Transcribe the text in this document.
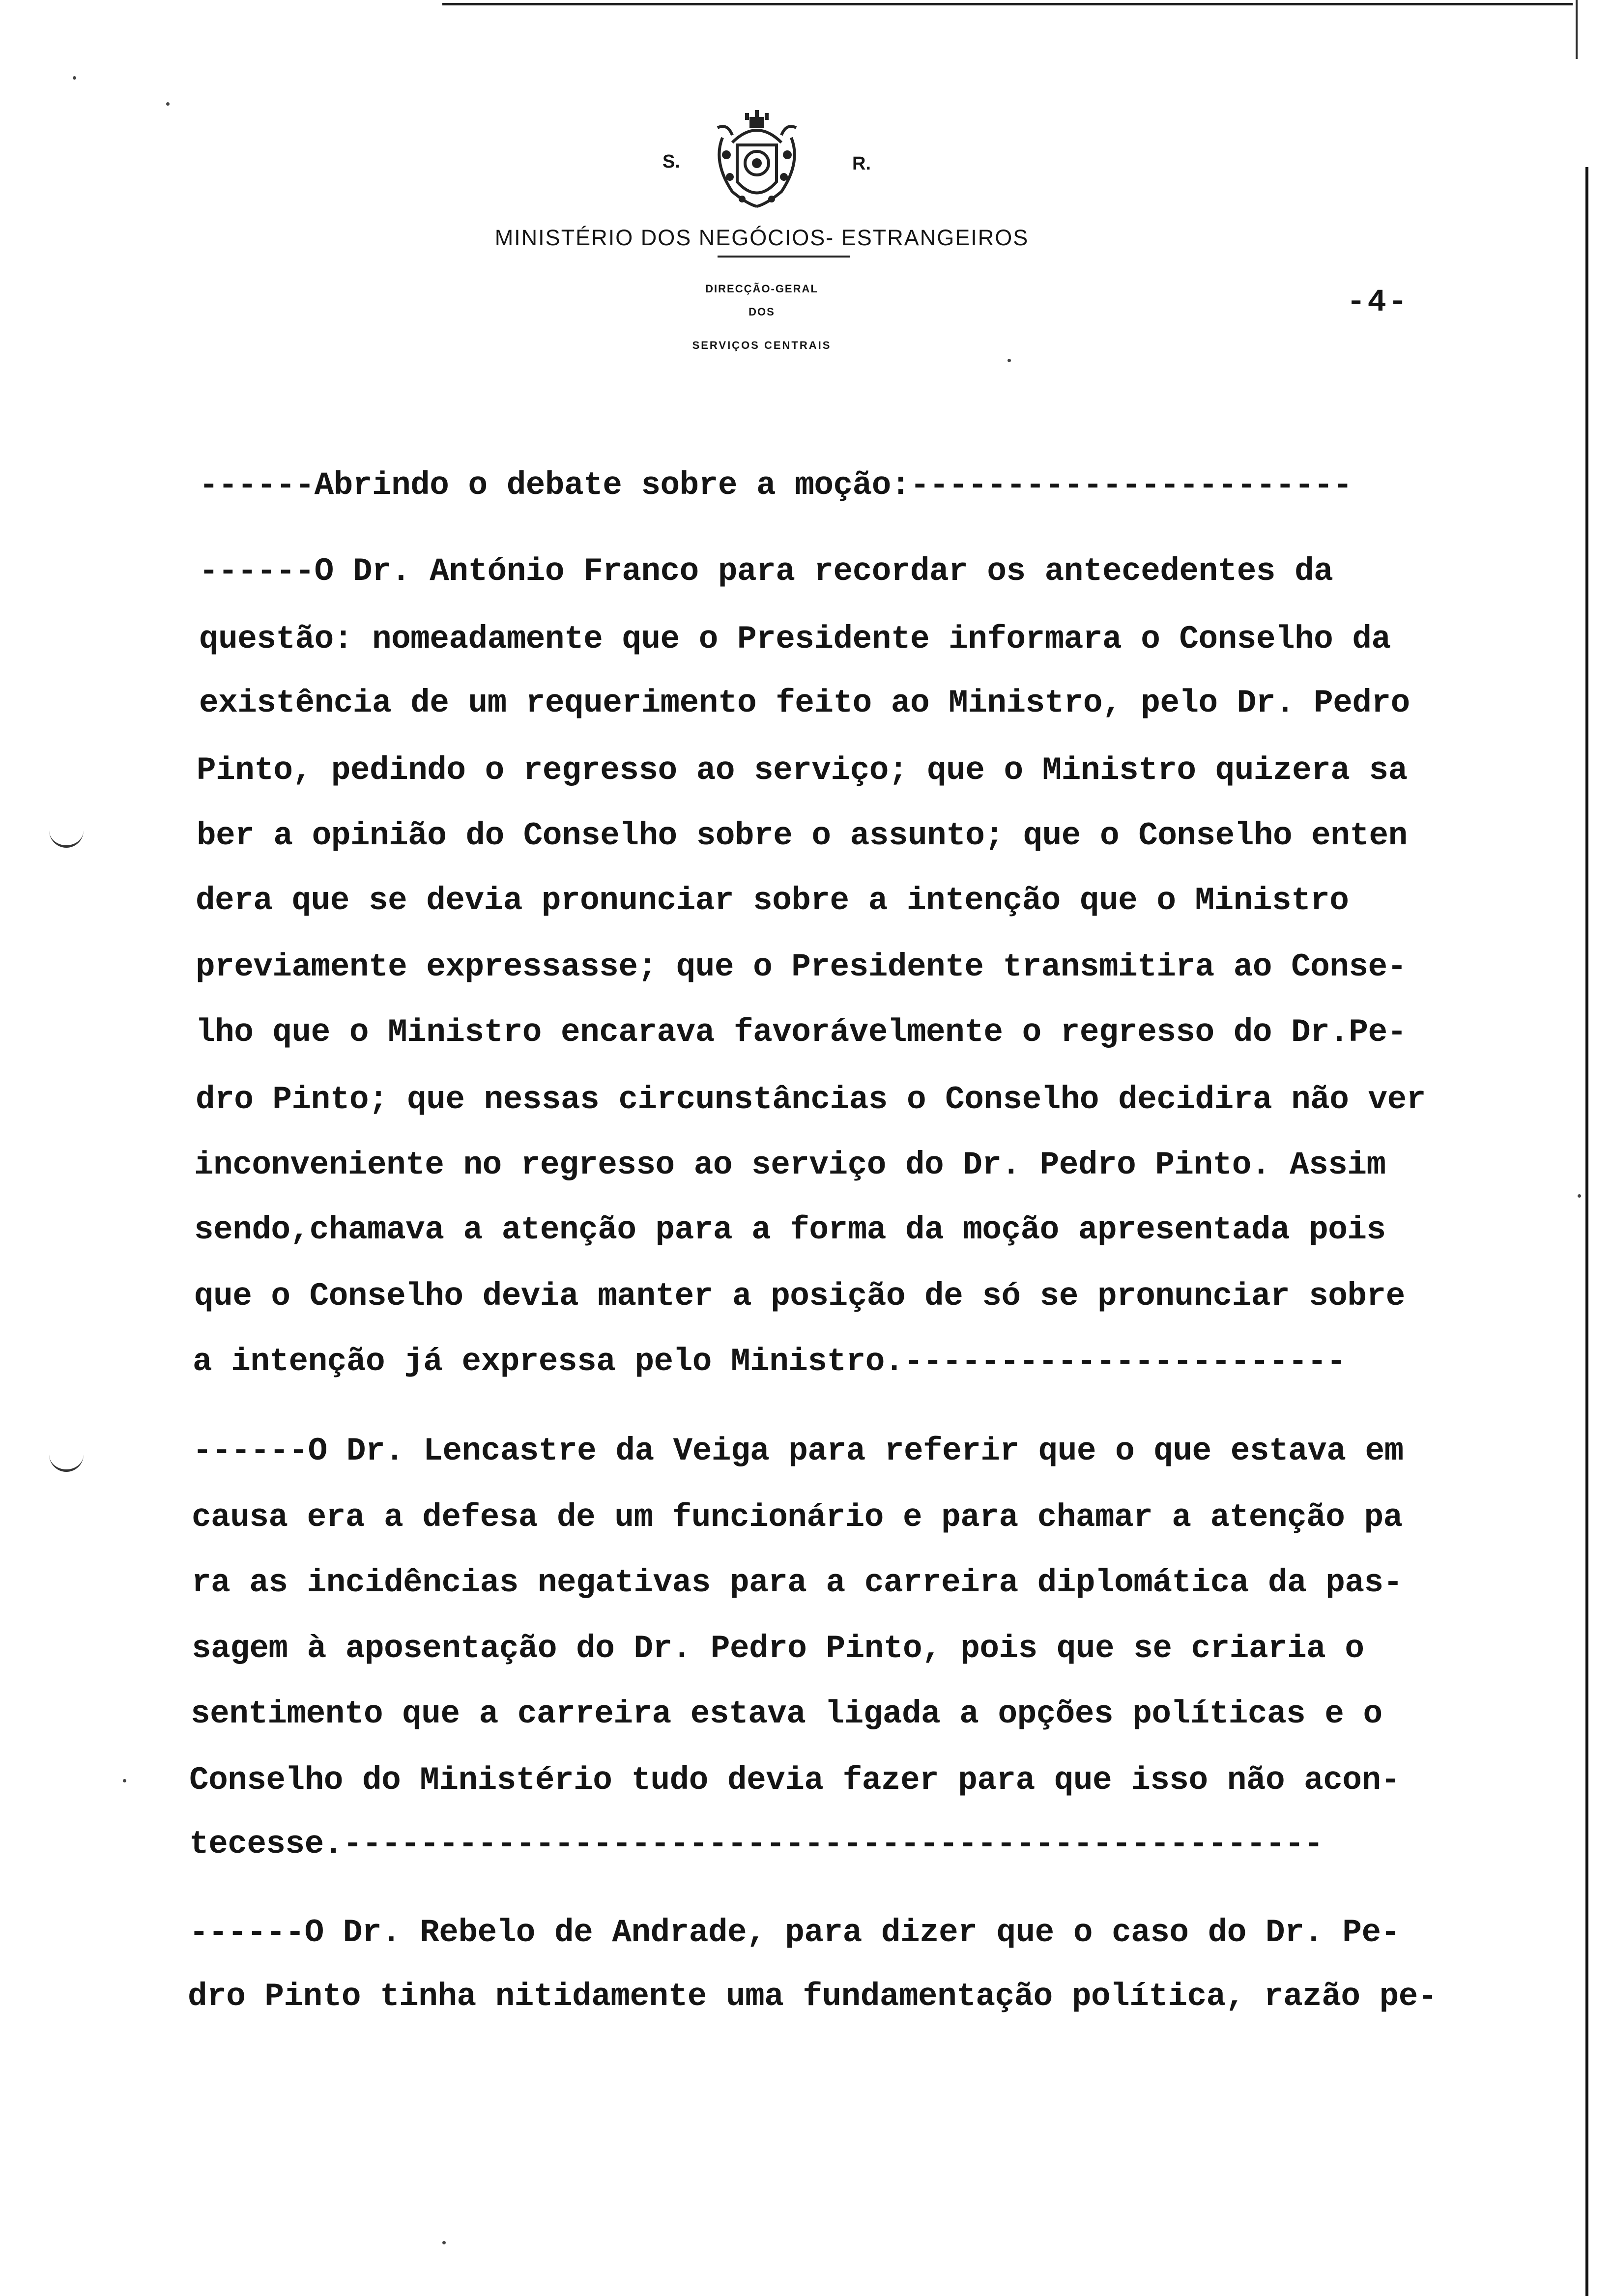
S.	R.
MINISTÉRIO DOS NEGÓCIOS- ESTRANGEIROS
DIRECÇÃO-GERAL
DOS
SERVIÇOS CENTRAIS
-4-
------Abrindo o debate sobre a moção:-----------------------
------O Dr. António Franco para recordar os antecedentes da
questão: nomeadamente que o Presidente informara o Conselho da
existência de um requerimento feito ao Ministro, pelo Dr. Pedro
Pinto, pedindo o regresso ao serviço; que o Ministro quizera sa
ber a opinião do Conselho sobre o assunto; que o Conselho enten
dera que se devia pronunciar sobre a intenção que o Ministro
previamente expressasse; que o Presidente transmitira ao Conse-
lho que o Ministro encarava favorávelmente o regresso do Dr.Pe-
dro Pinto; que nessas circunstâncias o Conselho decidira não ver
inconveniente no regresso ao serviço do Dr. Pedro Pinto. Assim
sendo,chamava a atenção para a forma da moção apresentada pois
que o Conselho devia manter a posição de só se pronunciar sobre
a intenção já expressa pelo Ministro.-----------------------
------O Dr. Lencastre da Veiga para referir que o que estava em
causa era a defesa de um funcionário e para chamar a atenção pa
ra as incidências negativas para a carreira diplomática da pas-
sagem à aposentação do Dr. Pedro Pinto, pois que se criaria o
sentimento que a carreira estava ligada a opções políticas e o
Conselho do Ministério tudo devia fazer para que isso não acon-
tecesse.---------------------------------------------------
------O Dr. Rebelo de Andrade, para dizer que o caso do Dr. Pe-
dro Pinto tinha nitidamente uma fundamentação política, razão pe-
